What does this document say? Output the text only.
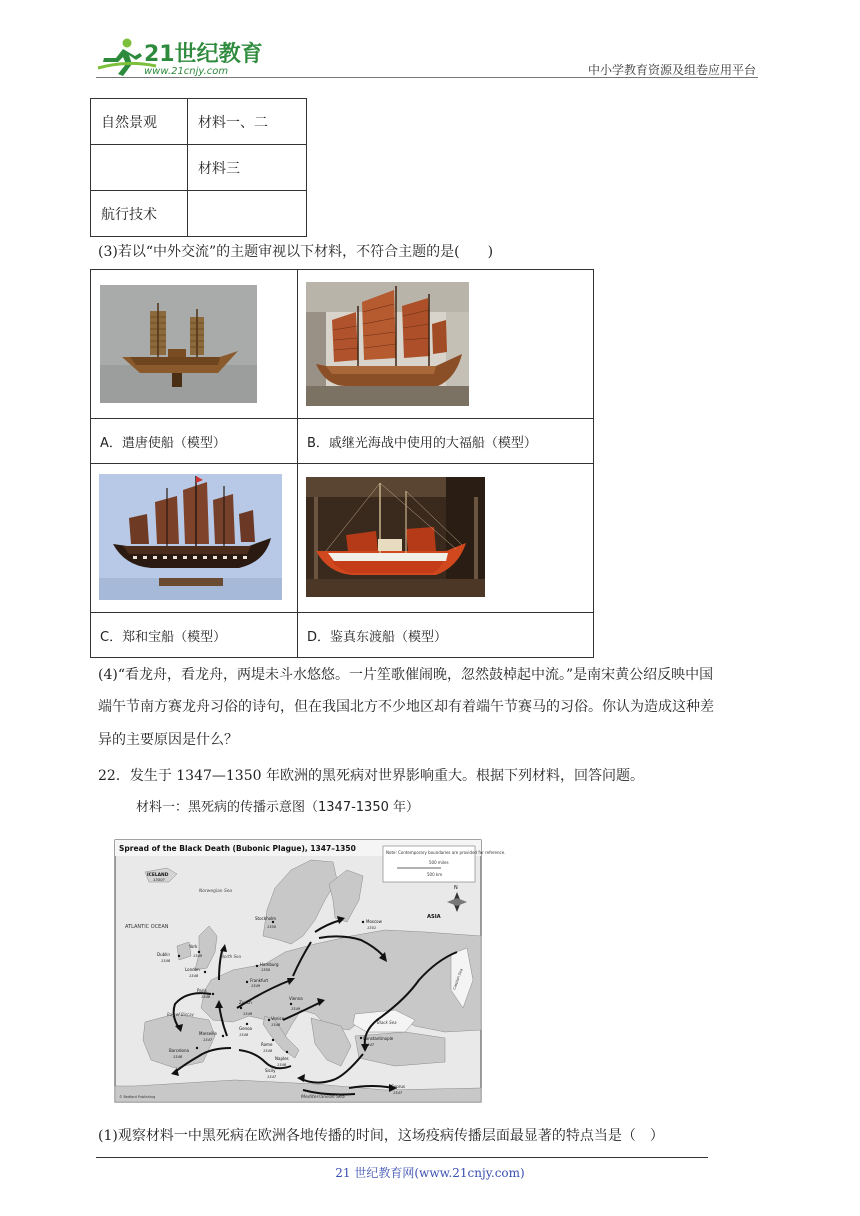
21世纪教育
www.21cnjy.com	中小学教育资源及组卷应用平台
自然景观	材料一、二
	材料三
航行技术	
(3)若以“中外交流”的主题审视以下材料，不符合主题的是(　　)

A．遣唐使船（模型）	B．戚继光海战中使用的大福船（模型）

C．郑和宝船（模型）	D．鉴真东渡船（模型）
(4)“看龙舟，看龙舟，两堤未斗水悠悠。一片笙歌催闹晚，忽然鼓棹起中流。”是南宋黄公绍反映中国
端午节南方赛龙舟习俗的诗句，但在我国北方不少地区却有着端午节赛马的习俗。你认为造成这种差
异的主要原因是什么？
22．发生于 1347—1350 年欧洲的黑死病对世界影响重大。根据下列材料，回答问题。
材料一：黑死病的传播示意图（1347-1350 年）
Spread of the Black Death (Bubonic Plague), 1347–1350	Note: Contemporary boundaries are provided for reference.
500 miles
500 km
N
ICELAND
1350?
Norwegian Sea
ATLANTIC OCEAN
North Sea
ASIA
Stockholm
1350
Moscow
1351
York
1349
Dublin
1348
London
1348
Hamburg
1350
Frankfurt
1349
Paris
1348
Zurich
1349
Vienna
1349
Venice
1348
Genoa
1348
Marseille
1347
Bay of Biscay
Rome
1348
Naples
1348
Barcelona
1348
Black Sea
Caspian Sea
Constantinople
1347
Sicily
1347
Cyprus
1347
Mediterranean Sea
© Bedford Publishing
(1)观察材料一中黑死病在欧洲各地传播的时间，这场疫病传播层面最显著的特点当是（　）
21 世纪教育网(www.21cnjy.com)
